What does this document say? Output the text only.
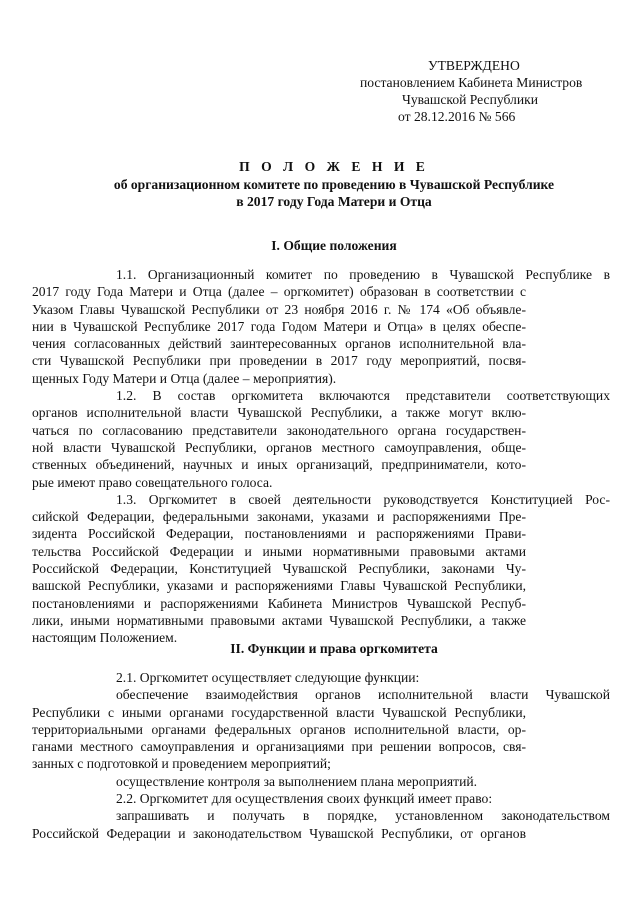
УТВЕРЖДЕНО
постановлением Кабинета Министров
Чувашской Республики
от 28.12.2016 № 566
П О Л О Ж Е Н И Е
об организационном комитете по проведению в Чувашской Республике
в 2017 году Года Матери и Отца
I. Общие положения
1.1. Организационный комитет по проведению в Чувашской Республике в
2017 году Года Матери и Отца (далее – оргкомитет) образован в соответствии с
Указом Главы Чувашской Республики от 23 ноября 2016 г. № 174 «Об объявле-
нии в Чувашской Республике 2017 года Годом Матери и Отца» в целях обеспе-
чения согласованных действий заинтересованных органов исполнительной вла-
сти Чувашской Республики при проведении в 2017 году мероприятий, посвя-
щенных Году Матери и Отца (далее – мероприятия).
1.2. В состав оргкомитета включаются представители соответствующих
органов исполнительной власти Чувашской Республики, а также могут вклю-
чаться по согласованию представители законодательного органа государствен-
ной власти Чувашской Республики, органов местного самоуправления, обще-
ственных объединений, научных и иных организаций, предприниматели, кото-
рые имеют право совещательного голоса.
1.3. Оргкомитет в своей деятельности руководствуется Конституцией Рос-
сийской Федерации, федеральными законами, указами и распоряжениями Пре-
зидента Российской Федерации, постановлениями и распоряжениями Прави-
тельства Российской Федерации и иными нормативными правовыми актами
Российской Федерации, Конституцией Чувашской Республики, законами Чу-
вашской Республики, указами и распоряжениями Главы Чувашской Республики,
постановлениями и распоряжениями Кабинета Министров Чувашской Респуб-
лики, иными нормативными правовыми актами Чувашской Республики, а также
настоящим Положением.
II. Функции и права оргкомитета
2.1. Оргкомитет осуществляет следующие функции:
обеспечение взаимодействия органов исполнительной власти Чувашской
Республики с иными органами государственной власти Чувашской Республики,
территориальными органами федеральных органов исполнительной власти, ор-
ганами местного самоуправления и организациями при решении вопросов, свя-
занных с подготовкой и проведением мероприятий;
осуществление контроля за выполнением плана мероприятий.
2.2. Оргкомитет для осуществления своих функций имеет право:
запрашивать и получать в порядке, установленном законодательством
Российской Федерации и законодательством Чувашской Республики, от органов
